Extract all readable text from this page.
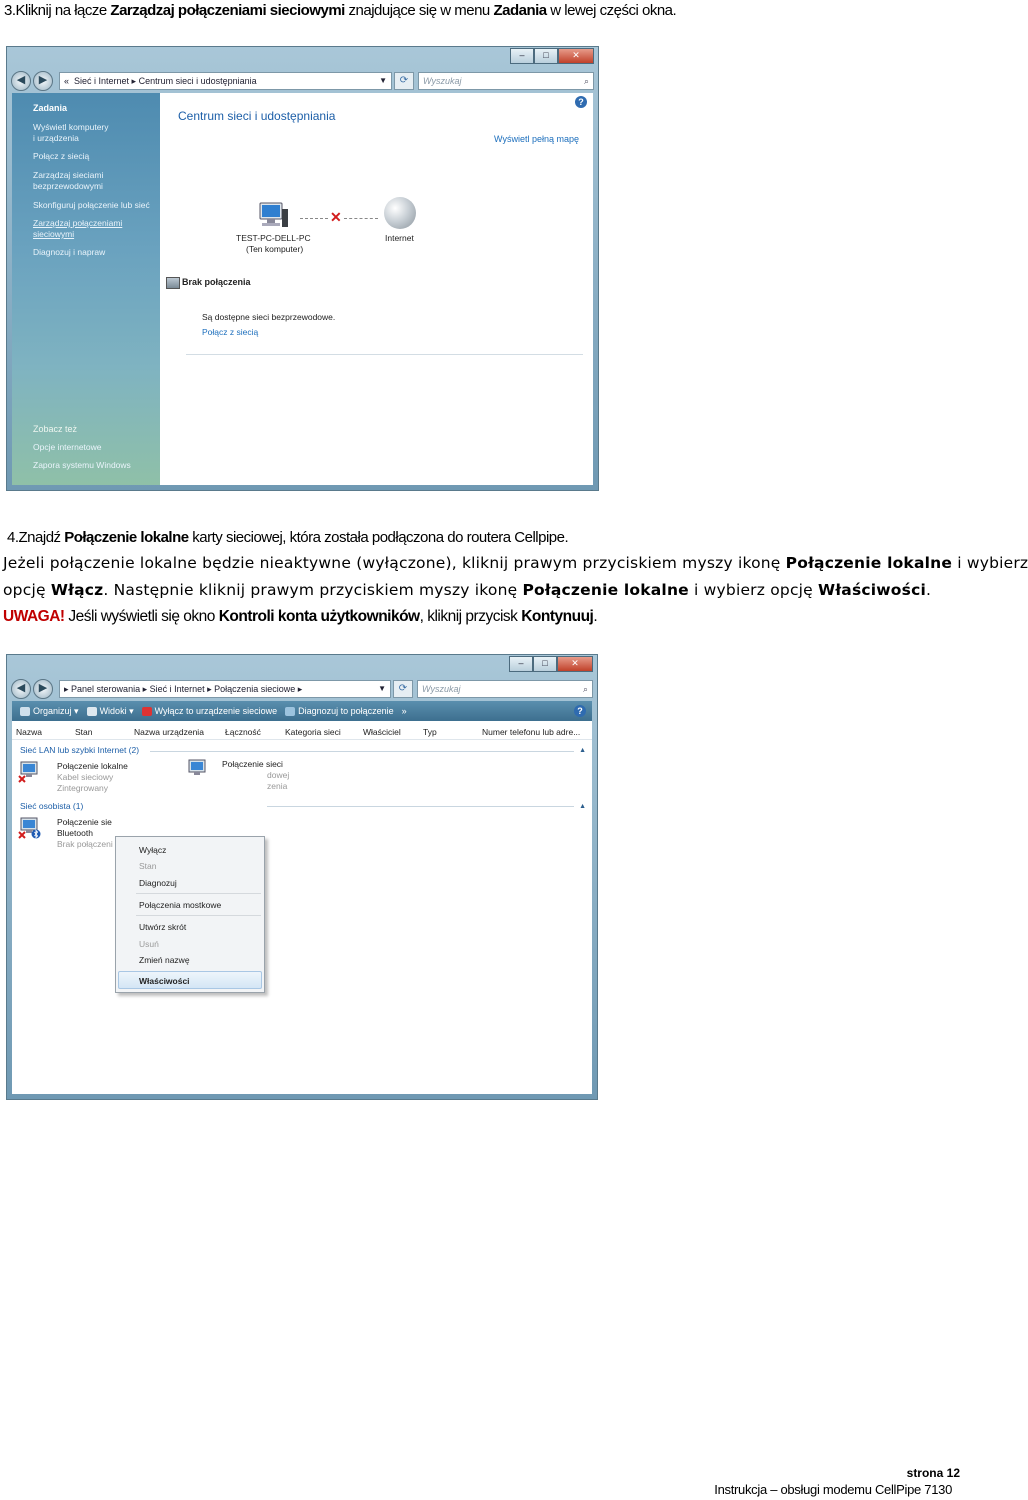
3.Kliknij na łącze Zarządzaj połączeniami sieciowymi znajdujące się w menu Zadania w lewej części okna.
–	□	✕
◀	▶	«  Sieć i Internet ▸ Centrum sieci i udostępniania	▼	⟳	Wyszukaj	⌕
Zadania
Wyświetl komputery
i urządzenia
Połącz z siecią
Zarządzaj sieciami
bezprzewodowymi
Skonfiguruj połączenie lub sieć
Zarządzaj połączeniami
sieciowymi
Diagnozuj i napraw
Zobacz też
Opcje internetowe
Zapora systemu Windows
?
Centrum sieci i udostępniania
Wyświetl pełną mapę
TEST-PC-DELL-PC
(Ten komputer)
✕
Internet
Brak połączenia
Są dostępne sieci bezprzewodowe.
Połącz z siecią
4.Znajdź Połączenie lokalne karty sieciowej, która została podłączona do routera Cellpipe.
Jeżeli połączenie lokalne będzie nieaktywne (wyłączone), kliknij prawym przyciskiem myszy ikonę Połączenie lokalne i wybierz
opcję Włącz. Następnie kliknij prawym przyciskiem myszy ikonę Połączenie lokalne i wybierz opcję Właściwości.
UWAGA! Jeśli wyświetli się okno Kontroli konta użytkowników, kliknij przycisk Kontynuuj.
–	□	✕
◀	▶	▸ Panel sterowania ▸ Sieć i Internet ▸ Połączenia sieciowe ▸	▼	⟳	Wyszukaj	⌕
Organizuj ▾ Widoki ▾ Wyłącz to urządzenie sieciowe Diagnozuj to połączenie »	?
Nazwa	Stan	Nazwa urządzenia Łączność	Kategoria sieci	Właściciel	Typ	Numer telefonu lub adre...
Sieć LAN lub szybki Internet (2)	▲
Połączenie lokalne
Kabel sieciowy
Zintegrowany
Połączenie sieci
dowej
zenia
Sieć osobista (1)	▲
Połączenie sie
Bluetooth
Brak połączeni
Wyłącz
Stan
Diagnozuj
Połączenia mostkowe
Utwórz skrót
Usuń
Zmień nazwę
Właściwości
strona 12
Instrukcja – obsługi modemu CellPipe 7130
